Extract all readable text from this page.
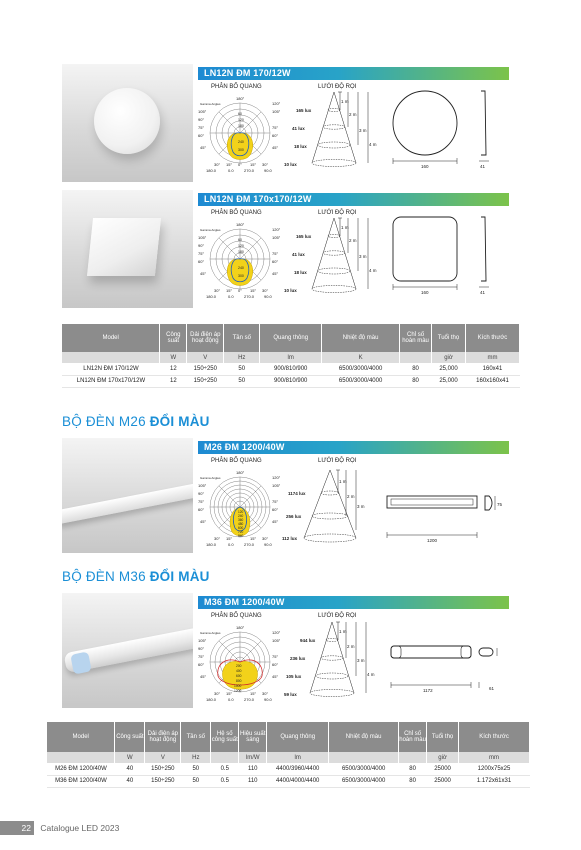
LN12N ĐM 170/12W
PHÂN BỐ QUANG	LƯỚI ĐỘ RỌI
Gamma Angles
180°
105°
90°
75°
60°
45°
120°
105°
75°
60°
45°
60
120
180
240
300
30° 15° 0° 15° 30°
180.0	0.0	270.0 90.0
165 lux
41 lux
18 lux
10 lux
1 m
2 m
3 m
4 m
160	41
LN12N ĐM 170x170/12W
PHÂN BỐ QUANG	LƯỚI ĐỘ RỌI
Gamma Angles
180°
105°
90°
75°
60°
45°
120°
105°
75°
60°
45°
60
120
180
240
300
30° 15° 0° 15° 30°
180.0	0.0	270.0 90.0
165 lux
41 lux
18 lux
10 lux
1 m
2 m
3 m
4 m
160	41
Model	Công suất	Dải điện áp hoạt động	Tần số	Quang thông	Nhiệt độ màu	Chỉ số hoàn màu	Tuổi thọ	Kích thước
	W	V	Hz	lm	K		giờ	mm
LN12N ĐM 170/12W	12	150÷250	50	900/810/900	6500/3000/4000	80	25,000	160x41
LN12N ĐM 170x170/12W	12	150÷250	50	900/810/900	6500/3000/4000	80	25,000	160x160x41
BỘ ĐÈN M26 ĐỔI MÀU
M26 ĐM 1200/40W
PHÂN BỐ QUANG	LƯỚI ĐỘ RỌI
Gamma Angles
180°
105°
90°
75°
60°
45°
120°
105°
75°
60°
45°
120
240
360
480
600
720
840
30° 15°	15° 30°
180.0	0.0	270.0 90.0
1174 lux
256 lux
112 lux
1 m
2 m
3 m
1200
75
BỘ ĐÈN M36 ĐỔI MÀU
M36 ĐM 1200/40W
PHÂN BỐ QUANG	LƯỚI ĐỘ RỌI
Gamma Angles
180°
105°
90°
75°
60°
45°
120°
105°
75°
60°
45°
200
400
600
800
1000
1200
30° 15°	15° 30°
180.0	0.0	270.0 90.0
944 lux
236 lux
105 lux
59 lux
1 m
2 m
3 m
4 m
1172	61
Model	Công suất	Dải điện áp hoạt động	Tần số	Hệ số công suất	Hiệu suất sáng	Quang thông	Nhiệt độ màu	Chỉ số hoàn màu	Tuổi thọ	Kích thước
	W	V	Hz		lm/W	lm			giờ	mm
M26 ĐM 1200/40W	40	150÷250	50	0.5	110	4400/3960/4400	6500/3000/4000	80	25000	1200x75x25
M36 ĐM 1200/40W	40	150÷250	50	0.5	110	4400/4000/4400	6500/3000/4000	80	25000	1.172x61x31
22 Catalogue LED 2023
